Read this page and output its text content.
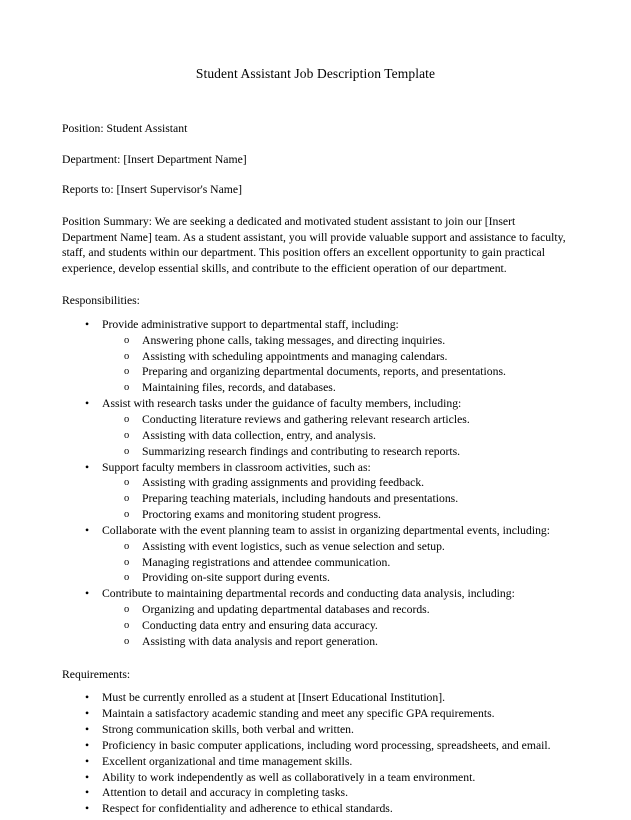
Student Assistant Job Description Template

Position: Student Assistant

Department: [Insert Department Name]

Reports to: [Insert Supervisor's Name]

Position Summary: We are seeking a dedicated and motivated student assistant to join our [Insert Department Name] team. As a student assistant, you will provide valuable support and assistance to faculty, staff, and students within our department. This position offers an excellent opportunity to gain practical experience, develop essential skills, and contribute to the efficient operation of our department.

Responsibilities:

• Provide administrative support to departmental staff, including:
o Answering phone calls, taking messages, and directing inquiries.
o Assisting with scheduling appointments and managing calendars.
o Preparing and organizing departmental documents, reports, and presentations.
o Maintaining files, records, and databases.
• Assist with research tasks under the guidance of faculty members, including:
o Conducting literature reviews and gathering relevant research articles.
o Assisting with data collection, entry, and analysis.
o Summarizing research findings and contributing to research reports.
• Support faculty members in classroom activities, such as:
o Assisting with grading assignments and providing feedback.
o Preparing teaching materials, including handouts and presentations.
o Proctoring exams and monitoring student progress.
• Collaborate with the event planning team to assist in organizing departmental events, including:
o Assisting with event logistics, such as venue selection and setup.
o Managing registrations and attendee communication.
o Providing on-site support during events.
• Contribute to maintaining departmental records and conducting data analysis, including:
o Organizing and updating departmental databases and records.
o Conducting data entry and ensuring data accuracy.
o Assisting with data analysis and report generation.

Requirements:

• Must be currently enrolled as a student at [Insert Educational Institution].
• Maintain a satisfactory academic standing and meet any specific GPA requirements.
• Strong communication skills, both verbal and written.
• Proficiency in basic computer applications, including word processing, spreadsheets, and email.
• Excellent organizational and time management skills.
• Ability to work independently as well as collaboratively in a team environment.
• Attention to detail and accuracy in completing tasks.
• Respect for confidentiality and adherence to ethical standards.
